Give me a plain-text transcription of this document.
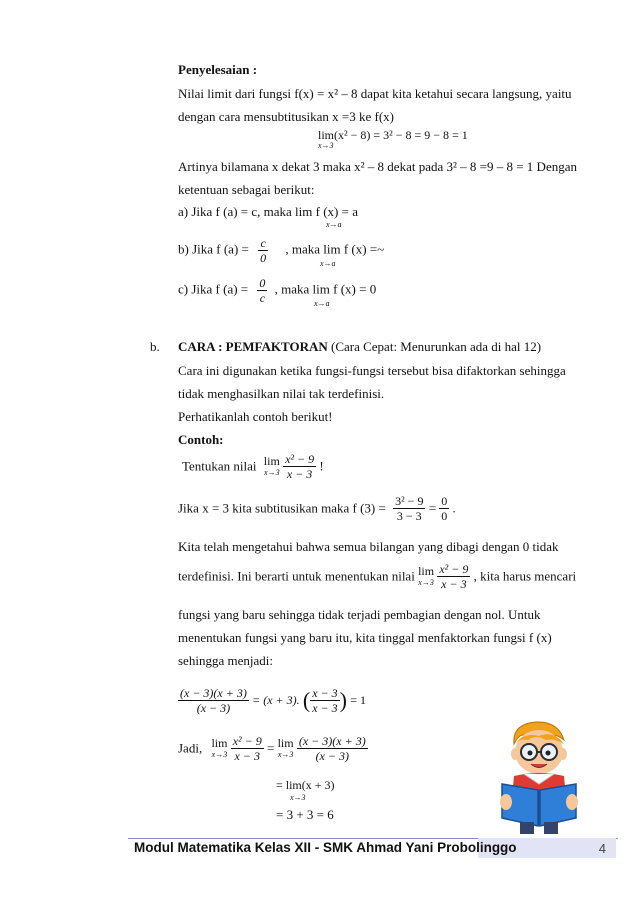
Penyelesaian :
Nilai limit dari fungsi f(x) = x² – 8 dapat kita ketahui secara langsung, yaitu
dengan cara mensubtitusikan x =3 ke f(x)
lim(x² − 8) = 3² − 8 = 9 − 8 = 1
x→3
Artinya bilamana x dekat 3 maka x² – 8 dekat pada 3² – 8 =9 – 8 = 1 Dengan
ketentuan sebagai berikut:
a) Jika f (a) = c, maka lim f (x) = a
x→a
b) Jika f $(a) = \frac{c}{0}$ , maka lim f (x) =~
x→a
c) Jika f $(a) = \frac{0}{c}$ , maka lim f (x) = 0
x→a
b. CARA : PEMFAKTORAN (Cara Cepat: Menurunkan ada di hal 12)
Cara ini digunakan ketika fungsi-fungsi tersebut bisa difaktorkan sehingga
tidak menghasilkan nilai tak terdefinisi.
Perhatikanlah contoh berikut!
Contoh:
Tentukan nilai lim
x→3
$\frac{\text{x² − 9}}{x - 3}$ !
Jika x = 3 kita subtitusikan maka f $(3) = \frac{\text{3² − 9}}{3 - 3} = \frac{0}{0}$ .
Kita telah mengetahui bahwa semua bilangan yang dibagi dengan 0 tidak
terdefinisi. Ini berarti untuk menentukan nilai lim
x→3
$\frac{\text{x² − 9}}{x - 3}$ , kita harus mencari
fungsi yang baru sehingga tidak terjadi pembagian dengan nol. Untuk
menentukan fungsi yang baru itu, kita tinggal menfaktorkan fungsi f (x)
sehingga menjadi:
$\frac{(x - 3)(x + 3)}{(x - 3)} = (x + 3)$. ( $\frac{x - 3}{x - 3}$ ) = 1
Jadi, lim
x→3
$\frac{\text{x² − 9}}{x - 3} = \lim$
x→3
$\frac{(x - 3)(x + 3)}{(x - 3)}$
= lim(x + 3)
x→3
= 3 + 3 = 6
4
Modul Matematika Kelas XII - SMK Ahmad Yani Probolinggo
